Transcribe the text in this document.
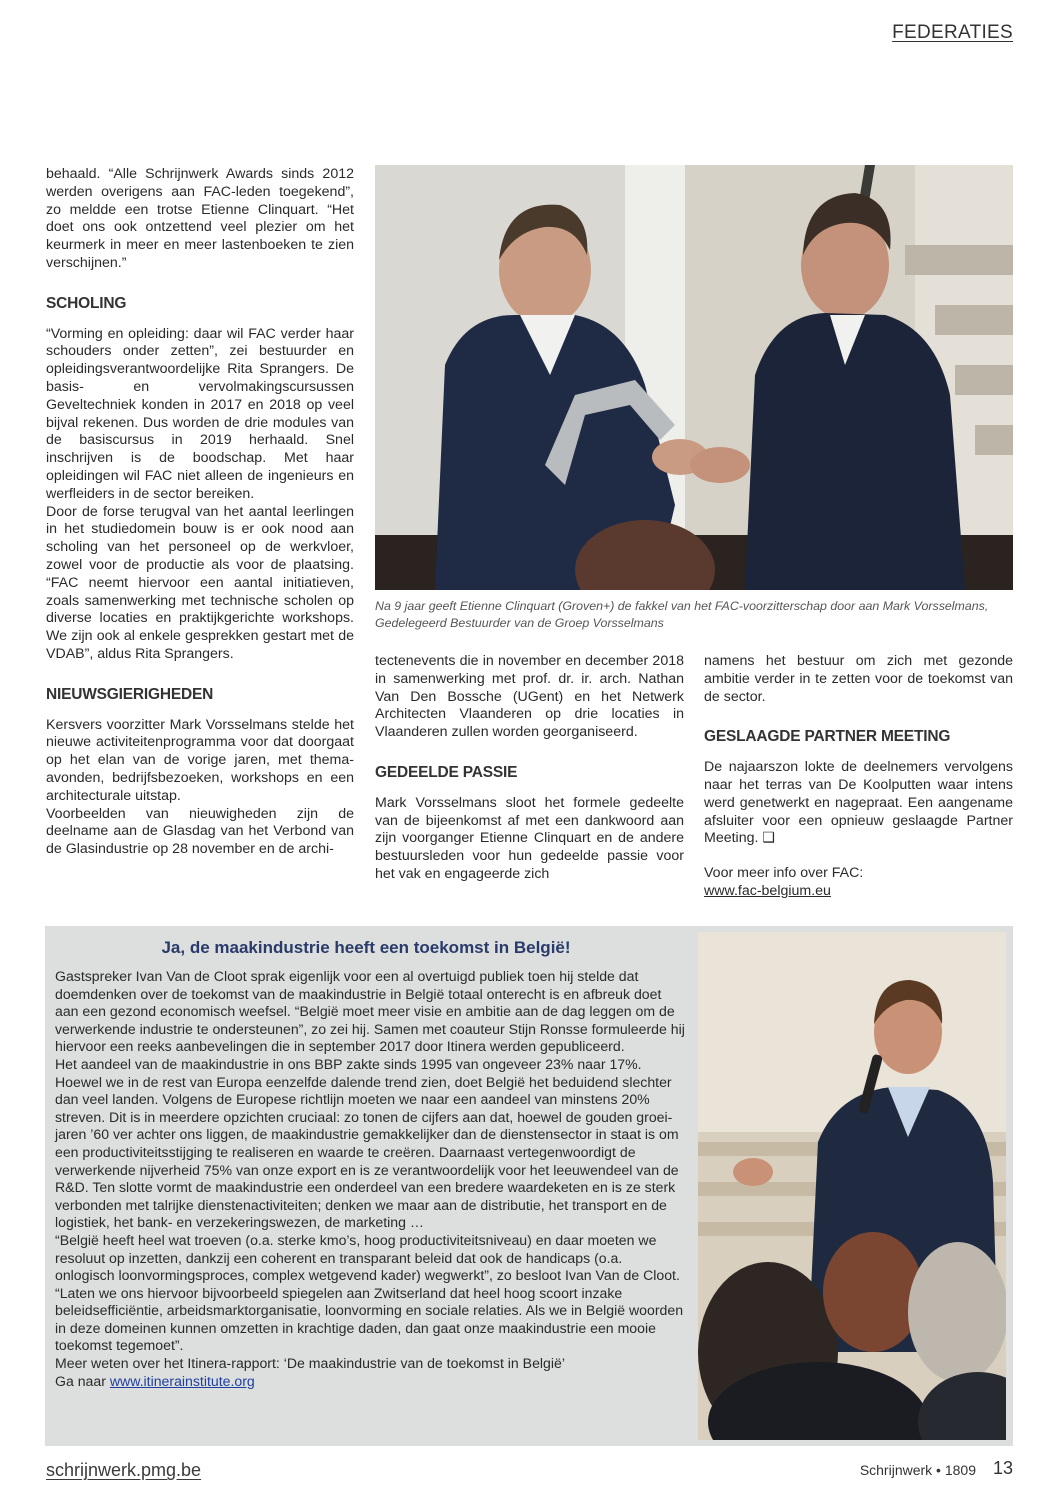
FEDERATIES

behaald. “Alle Schrijnwerk Awards sinds 2012 werden overigens aan FAC-leden toegekend”, zo meldde een trotse Etienne Clinquart. “Het doet ons ook ontzettend veel plezier om het keurmerk in meer en meer lastenboeken te zien verschijnen.”

SCHOLING

“Vorming en opleiding: daar wil FAC verder haar schouders onder zetten”, zei bestuurder en opleidingsverantwoordelijke Rita Sprangers. De basis- en vervolmakingscursussen Geveltechniek konden in 2017 en 2018 op veel bijval rekenen. Dus worden de drie modules van de basiscursus in 2019 herhaald. Snel inschrijven is de boodschap. Met haar opleidingen wil FAC niet alleen de ingenieurs en werfleiders in de sector bereiken.

Door de forse terugval van het aantal leerlingen in het studiedomein bouw is er ook nood aan scholing van het personeel op de werkvloer, zowel voor de productie als voor de plaatsing. “FAC neemt hiervoor een aantal initiatieven, zoals samenwerking met technische scholen op diverse locaties en praktijkgerichte workshops. We zijn ook al enkele gesprekken gestart met de VDAB”, aldus Rita Sprangers.

NIEUWSGIERIGHEDEN

Kersvers voorzitter Mark Vorsselmans stelde het nieuwe activiteitenprogramma voor dat doorgaat op het elan van de vorige jaren, met thema-avonden, bedrijfsbezoeken, workshops en een architecturale uitstap.

Voorbeelden van nieuwigheden zijn de deelname aan de Glasdag van het Verbond van de Glasindustrie op 28 november en de archi-

Na 9 jaar geeft Etienne Clinquart (Groven+) de fakkel van het FAC-voorzitterschap door aan Mark Vorsselmans, Gedelegeerd Bestuurder van de Groep Vorsselmans

tectenevents die in november en december 2018 in samenwerking met prof. dr. ir. arch. Nathan Van Den Bossche (UGent) en het Netwerk Architecten Vlaanderen op drie locaties in Vlaanderen zullen worden georganiseerd.

GEDEELDE PASSIE

Mark Vorsselmans sloot het formele gedeelte van de bijeenkomst af met een dankwoord aan zijn voorganger Etienne Clinquart en de andere bestuursleden voor hun gedeelde passie voor het vak en engageerde zich

namens het bestuur om zich met gezonde ambitie verder in te zetten voor de toekomst van de sector.

GESLAAGDE PARTNER MEETING

De najaarszon lokte de deelnemers vervolgens naar het terras van De Koolputten waar intens werd genetwerkt en nagepraat. Een aangename afsluiter voor een opnieuw geslaagde Partner Meeting. ❑

Voor meer info over FAC:

www.fac-belgium.eu

Ja, de maakindustrie heeft een toekomst in België!

Gastspreker Ivan Van de Cloot sprak eigenlijk voor een al overtuigd publiek toen hij stelde dat doemdenken over de toekomst van de maakindustrie in België totaal onterecht is en afbreuk doet aan een gezond economisch weefsel. “België moet meer visie en ambitie aan de dag leggen om de verwerkende industrie te ondersteunen”, zo zei hij. Samen met coauteur Stijn Ronsse formuleerde hij hiervoor een reeks aanbevelingen die in september 2017 door Itinera werden gepubliceerd.

Het aandeel van de maakindustrie in ons BBP zakte sinds 1995 van ongeveer 23% naar 17%. Hoewel we in de rest van Europa eenzelfde dalende trend zien, doet België het beduidend slechter dan veel landen. Volgens de Europese richtlijn moeten we naar een aandeel van minstens 20% streven. Dit is in meerdere opzichten cruciaal: zo tonen de cijfers aan dat, hoewel de gouden groei-jaren ’60 ver achter ons liggen, de maakindustrie gemakkelijker dan de dienstensector in staat is om een productiviteitsstijging te realiseren en waarde te creëren. Daarnaast vertegenwoordigt de verwerkende nijverheid 75% van onze export en is ze verantwoordelijk voor het leeuwendeel van de R&D. Ten slotte vormt de maakindustrie een onderdeel van een bredere waardeketen en is ze sterk verbonden met talrijke dienstenactiviteiten; denken we maar aan de distributie, het transport en de logistiek, het bank- en verzekeringswezen, de marketing …

“België heeft heel wat troeven (o.a. sterke kmo’s, hoog productiviteitsniveau) en daar moeten we resoluut op inzetten, dankzij een coherent en transparant beleid dat ook de handicaps (o.a. onlogisch loonvormingsproces, complex wetgevend kader) wegwerkt”, zo besloot Ivan Van de Cloot. “Laten we ons hiervoor bijvoorbeeld spiegelen aan Zwitserland dat heel hoog scoort inzake beleidsefficiëntie, arbeidsmarktorganisatie, loonvorming en sociale relaties. Als we in België woorden in deze domeinen kunnen omzetten in krachtige daden, dan gaat onze maakindustrie een mooie toekomst tegemoet”.

Meer weten over het Itinera-rapport: ‘De maakindustrie van de toekomst in België’

Ga naar www.itinerainstitute.org

schrijnwerk.pmg.be	Schrijnwerk • 1809 13
